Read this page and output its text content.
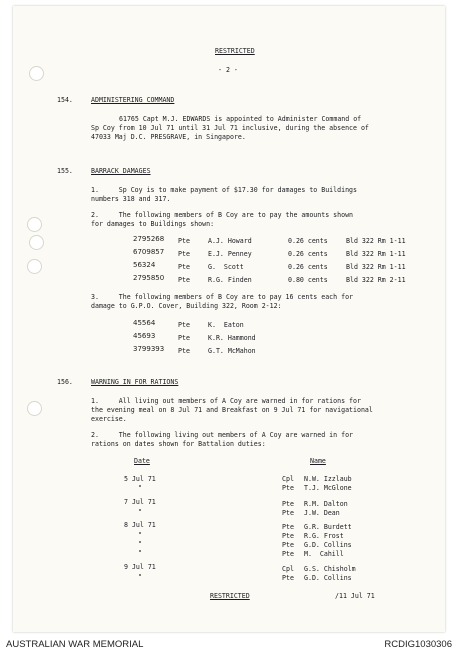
RESTRICTED
- 2 -
154.	ADMINISTERING COMMAND
61765 Capt M.J. EDWARDS is appointed to Administer Command of
Sp Coy from 10 Jul 71 until 31 Jul 71 inclusive, during the absence of
47033 Maj D.C. PRESGRAVE, in Singapore.
155.	BARRACK DAMAGES
1.     Sp Coy is to make payment of $17.30 for damages to Buildings
numbers 318 and 317.
2.     The following members of B Coy are to pay the amounts shown
for damages to Buildings shown:
2795268 Pte	A.J. Howard	0.26 cents	Bld 322 Rm 1-11
6709857 Pte	E.J. Penney	0.26 cents	Bld 322 Rm 1-11
56324	Pte	G.  Scott	0.26 cents	Bld 322 Rm 1-11
2795850 Pte	R.G. Finden	0.80 cents	Bld 322 Rm 2-11
3.     The following members of B Coy are to pay 16 cents each for
damage to G.P.O. Cover, Building 322, Room 2-12:
45564	Pte	K.  Eaton
45693	Pte	K.R. Hammond
3799393 Pte	G.T. McMahon
156.	WARNING IN FOR RATIONS
1.     All living out members of A Coy are warned in for rations for
the evening meal on 8 Jul 71 and Breakfast on 9 Jul 71 for navigational
exercise.
2.     The following living out members of A Coy are warned in for
rations on dates shown for Battalion duties:
Date	Name
5 Jul 71	Cpl N.W. Izzlaub
"	Pte T.J. McGlone
7 Jul 71	Pte R.M. Dalton
"	Pte J.W. Dean
8 Jul 71	Pte G.R. Burdett
"	Pte R.G. Frost
"	Pte G.D. Collins
"	Pte M.  Cahill
9 Jul 71	Cpl G.S. Chisholm
"	Pte G.D. Collins
RESTRICTED	/11 Jul 71
AUSTRALIAN WAR MEMORIAL	RCDIG1030306
